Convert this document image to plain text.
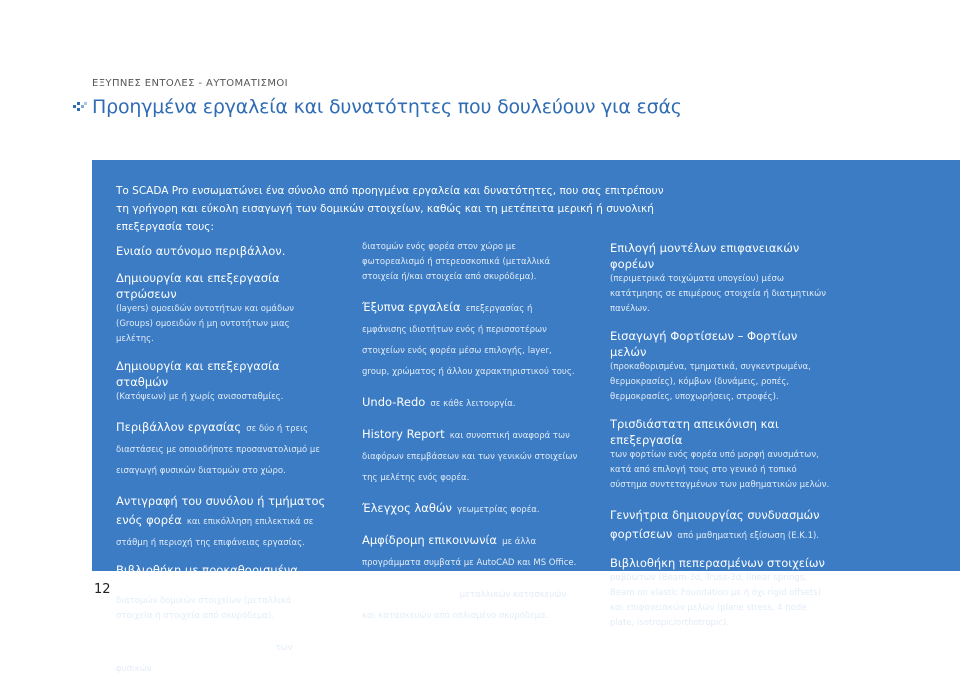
ΕΞΥΠΝΕΣ ΕΝΤΟΛΕΣ - ΑΥΤΟΜΑΤΙΣΜΟΙ
Προηγμένα εργαλεία και δυνατότητες που δουλεύουν για εσάς

Το SCADA Pro ενσωματώνει ένα σύνολο από προηγμένα εργαλεία και δυνατότητες, που σας επιτρέπουν τη γρήγορη και εύκολη εισαγωγή των δομικών στοιχείων, καθώς και τη μετέπειτα μερική ή συνολική επεξεργασία τους:

Ενιαίο αυτόνομο περιβάλλον.
Δημιουργία και επεξεργασία στρώσεων
(layers) ομοειδών οντοτήτων και ομάδων (Groups) ομοειδών ή μη οντοτήτων μιας μελέτης.
Δημιουργία και επεξεργασία σταθμών
(Κατόψεων) με ή χωρίς ανισοσταθμίες.
Περιβάλλον εργασίας σε δύο ή τρεις διαστάσεις με οποιοδήποτε προσανατολισμό με εισαγωγή φυσικών διατομών στο χώρο.
Αντιγραφή του συνόλου ή τμήματος ενός φορέα και επικόλληση επιλεκτικά σε στάθμη ή περιοχή της επιφάνειας εργασίας.
Βιβλιοθήκη με προκαθορισμένα σχήματα
διατομών δομικών στοιχείων (μεταλλικά στοιχεία ή στοιχεία από σκυρόδεμα).
Δημιουργία και απεικόνιση των φυσικών
διατομών ενός φορέα στον χώρο με φωτορεαλισμό ή στερεοσκοπικά (μεταλλικά στοιχεία ή/και στοιχεία από σκυρόδεμα).
Έξυπνα εργαλεία επεξεργασίας ή εμφάνισης ιδιοτήτων ενός ή περισσοτέρων στοιχείων ενός φορέα μέσω επιλογής, layer, group, χρώματος ή άλλου χαρακτηριστικού τους.
Undo-Redo σε κάθε λειτουργία.
History Report και συνοπτική αναφορά των διαφόρων επεμβάσεων και των γενικών στοιχείων της μελέτης ενός φορέα.
Έλεγχος λαθών γεωμετρίας φορέα.
Αμφίδρομη επικοινωνία με άλλα προγράμματα συμβατά με AutoCAD και MS Office.
Βελτιστοποίηση μεταλλικών κατασκευών και κατασκευών από οπλισμένο σκυρόδεμα.
Επιλογή μοντέλων επιφανειακών φορέων
(περιμετρικά τοιχώματα υπογείου) μέσω κατάτμησης σε επιμέρους στοιχεία ή διατμητικών πανέλων.
Εισαγωγή Φορτίσεων – Φορτίων μελών
(προκαθορισμένα, τμηματικά, συγκεντρωμένα, θερμοκρασίες), κόμβων (δυνάμεις, ροπές, θερμοκρασίες, υποχωρήσεις, στροφές).
Τρισδιάστατη απεικόνιση και επεξεργασία
των φορτίων ενός φορέα υπό μορφή ανυσμάτων, κατά από επιλογή τους στο γενικό ή τοπικό σύστημα συντεταγμένων των μαθηματικών μελών.
Γεννήτρια δημιουργίας συνδυασμών φορτίσεων από μαθηματική εξίσωση (Ε.Κ.1).
Βιβλιοθήκη πεπερασμένων στοιχείων
ραβδωτών (Beam-3d, Truss-3d, linear springs, Beam on elastic Foundation με ή όχι rigid offsets) και επιφανειακών μελών (plane stress, 4 node plate, isotropic/orthotropic).
12
